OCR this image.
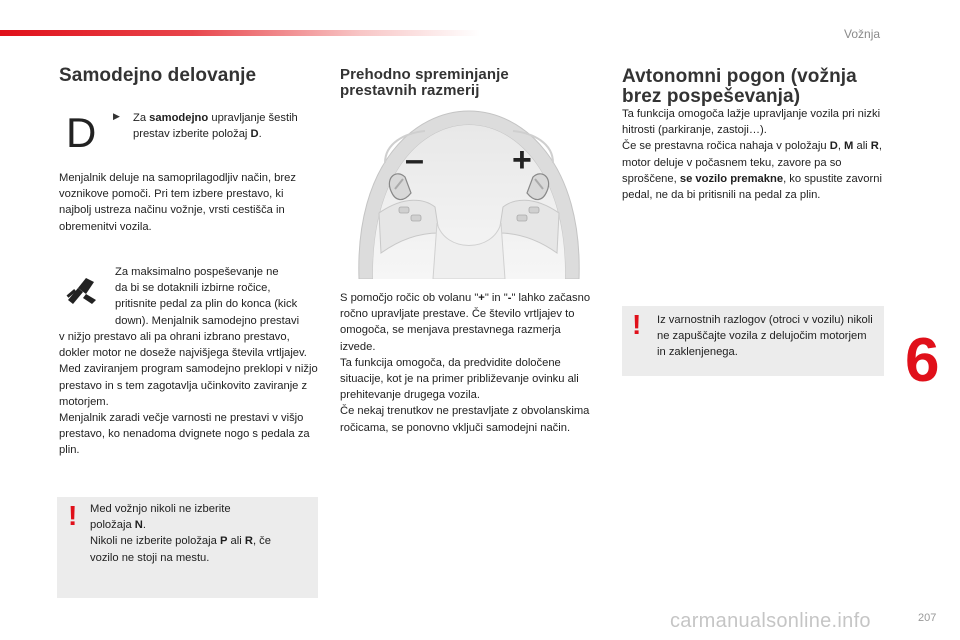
Vožnja
Samodejno delovanje
D ▶ Za samodejno upravljanje šestih prestav izberite položaj D.
Menjalnik deluje na samoprilagodljiv način, brez voznikove pomoči. Pri tem izbere prestavo, ki najbolj ustreza načinu vožnje, vrsti cestišča in obremenitvi vozila.
Za maksimalno pospeševanje ne
da bi se dotaknili izbirne ročice,
pritisnite pedal za plin do konca (kick
down). Menjalnik samodejno prestavi
v nižjo prestavo ali pa ohrani izbrano prestavo, dokler motor ne doseže najvišjega števila vrtljajev.
Med zaviranjem program samodejno preklopi v nižjo prestavo in s tem zagotavlja učinkovito zaviranje z motorjem.
Menjalnik zaradi večje varnosti ne prestavi v višjo prestavo, ko nenadoma dvignete nogo s pedala za plin.
! Med vožnjo nikoli ne izberite
položaja N.
Nikoli ne izberite položaja P ali R, če
vozilo ne stoji na mestu.
Prehodno spreminjanje
prestavnih razmerij
–	+
S pomočjo ročic ob volanu "+" in "-" lahko začasno ročno upravljate prestave. Če število vrtljajev to omogoča, se menjava prestavnega razmerja izvede.
Ta funkcija omogoča, da predvidite določene situacije, kot je na primer približevanje ovinku ali prehitevanje drugega vozila.
Če nekaj trenutkov ne prestavljate z obvolanskima ročicama, se ponovno vključi samodejni način.
Avtonomni pogon (vožnja
brez pospeševanja)
Ta funkcija omogoča lažje upravljanje vozila pri nizki hitrosti (parkiranje, zastoji…).
Če se prestavna ročica nahaja v položaju D, M ali R, motor deluje v počasnem teku, zavore pa so sproščene, se vozilo premakne, ko spustite zavorni pedal, ne da bi pritisnili na pedal za plin.
! Iz varnostnih razlogov (otroci v vozilu) nikoli ne zapuščajte vozila z delujočim motorjem in zaklenjenega.	6
carmanualsonline.info	207
